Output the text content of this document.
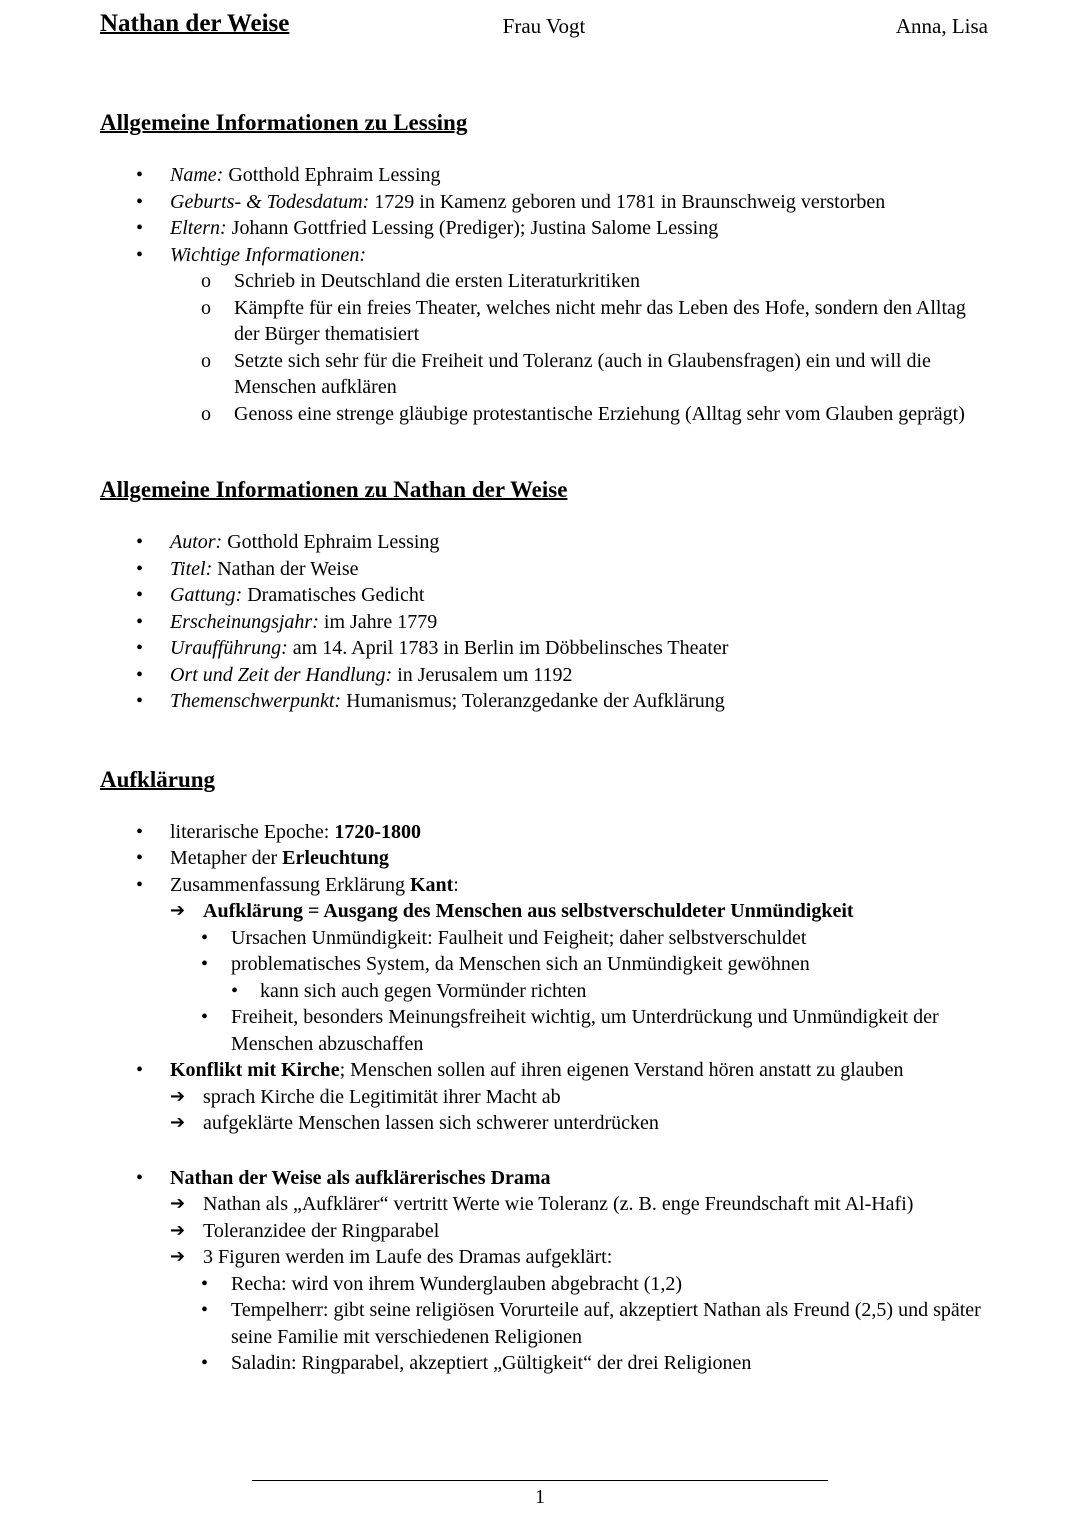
Nathan der Weise	Frau Vogt	Anna, Lisa
Allgemeine Informationen zu Lessing
•	Name: Gotthold Ephraim Lessing
•	Geburts- & Todesdatum: 1729 in Kamenz geboren und 1781 in Braunschweig verstorben
•	Eltern: Johann Gottfried Lessing (Prediger); Justina Salome Lessing
•	Wichtige Informationen:
o	Schrieb in Deutschland die ersten Literaturkritiken
o	Kämpfte für ein freies Theater, welches nicht mehr das Leben des Hofe, sondern den Alltag der Bürger thematisiert
o	Setzte sich sehr für die Freiheit und Toleranz (auch in Glaubensfragen) ein und will die Menschen aufklären
o	Genoss eine strenge gläubige protestantische Erziehung (Alltag sehr vom Glauben geprägt)
Allgemeine Informationen zu Nathan der Weise
•	Autor: Gotthold Ephraim Lessing
•	Titel: Nathan der Weise
•	Gattung: Dramatisches Gedicht
•	Erscheinungsjahr: im Jahre 1779
•	Uraufführung: am 14. April 1783 in Berlin im Döbbelinsches Theater
•	Ort und Zeit der Handlung: in Jerusalem um 1192
•	Themenschwerpunkt: Humanismus; Toleranzgedanke der Aufklärung
Aufklärung
•	literarische Epoche: 1720-1800
•	Metapher der Erleuchtung
•	Zusammenfassung Erklärung Kant:
➔ Aufklärung = Ausgang des Menschen aus selbstverschuldeter Unmündigkeit
•	Ursachen Unmündigkeit: Faulheit und Feigheit; daher selbstverschuldet
•	problematisches System, da Menschen sich an Unmündigkeit gewöhnen
•	kann sich auch gegen Vormünder richten
•	Freiheit, besonders Meinungsfreiheit wichtig, um Unterdrückung und Unmündigkeit der Menschen abzuschaffen
•	Konflikt mit Kirche; Menschen sollen auf ihren eigenen Verstand hören anstatt zu glauben
➔ sprach Kirche die Legitimität ihrer Macht ab
➔ aufgeklärte Menschen lassen sich schwerer unterdrücken
•	Nathan der Weise als aufklärerisches Drama
➔ Nathan als „Aufklärer“ vertritt Werte wie Toleranz (z. B. enge Freundschaft mit Al-Hafi)
➔ Toleranzidee der Ringparabel
➔ 3 Figuren werden im Laufe des Dramas aufgeklärt:
•	Recha: wird von ihrem Wunderglauben abgebracht (1,2)
•	Tempelherr: gibt seine religiösen Vorurteile auf, akzeptiert Nathan als Freund (2,5) und später seine Familie mit verschiedenen Religionen
•	Saladin: Ringparabel, akzeptiert „Gültigkeit“ der drei Religionen
1
